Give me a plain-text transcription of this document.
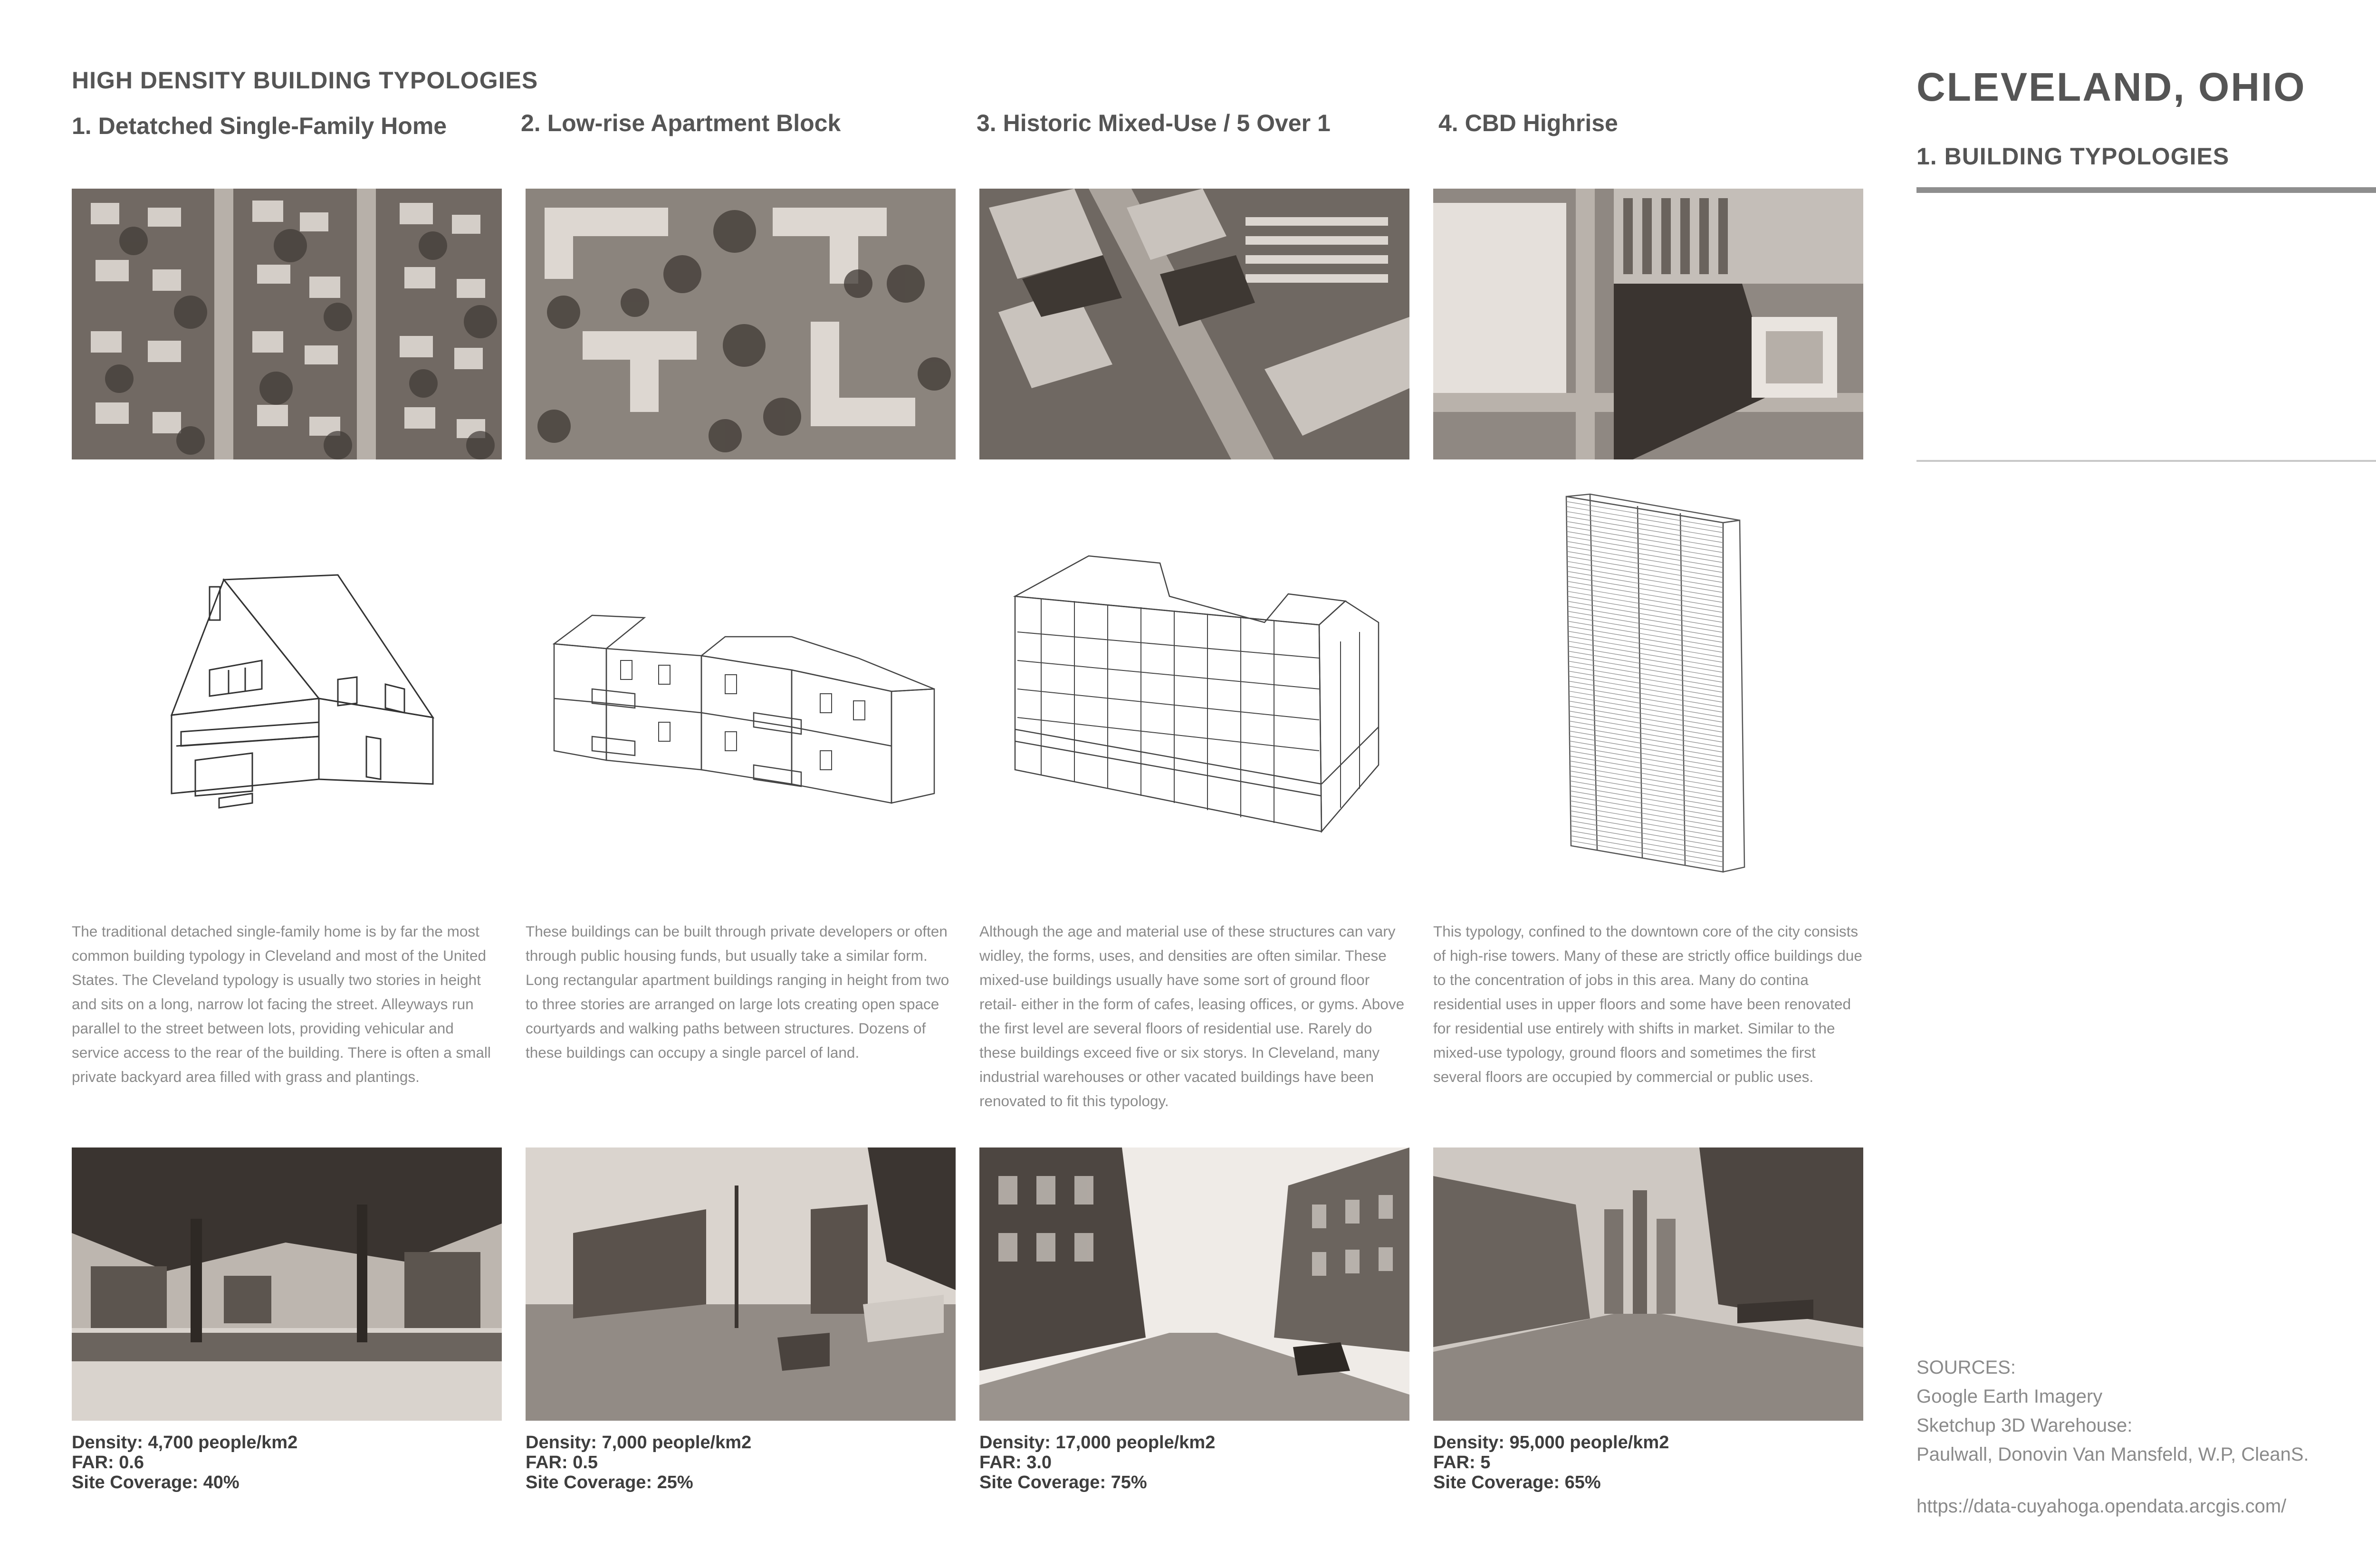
HIGH DENSITY BUILDING TYPOLOGIES
1. Detatched Single-Family Home	2. Low-rise Apartment Block	3. Historic Mixed-Use / 5 Over 1	4. CBD Highrise
The traditional detached single-family home is by far the most common building typology in Cleveland and most of the United States. The Cleveland typology is usually two stories in height and sits on a long, narrow lot facing the street. Alleyways run parallel to the street between lots, providing vehicular and service access to the rear of the building. There is often a small private backyard area filled with grass and plantings.
These buildings can be built through private developers or often through public housing funds, but usually take a similar form. Long rectangular apartment buildings ranging in height from two to three stories are arranged on large lots creating open space courtyards and walking paths between structures. Dozens of these buildings can occupy a single parcel of land.
Although the age and material use of these structures can vary widley, the forms, uses, and densities are often similar. These mixed-use buildings usually have some sort of ground floor retail- either in the form of cafes, leasing offices, or gyms. Above the first level are several floors of residential use. Rarely do these buildings exceed five or six storys. In Cleveland, many industrial warehouses or other vacated buildings have been renovated to fit this typology.
This typology, confined to the downtown core of the city consists of high-rise towers. Many of these are strictly office buildings due to the concentration of jobs in this area. Many do contina residential uses in upper floors and some have been renovated for residential use entirely with shifts in market. Similar to the mixed-use typology, ground floors and sometimes the first several floors are occupied by commercial or public uses.
Density: 4,700 people/km2
FAR: 0.6
Site Coverage: 40%
Density: 7,000 people/km2
FAR: 0.5
Site Coverage: 25%
Density: 17,000 people/km2
FAR: 3.0
Site Coverage: 75%
Density: 95,000 people/km2
FAR: 5
Site Coverage: 65%
CLEVELAND, OHIO
1. BUILDING TYPOLOGIES
SOURCES:
Google Earth Imagery
Sketchup 3D Warehouse:
Paulwall, Donovin Van Mansfeld, W.P, CleanS.
https://data-cuyahoga.opendata.arcgis.com/
